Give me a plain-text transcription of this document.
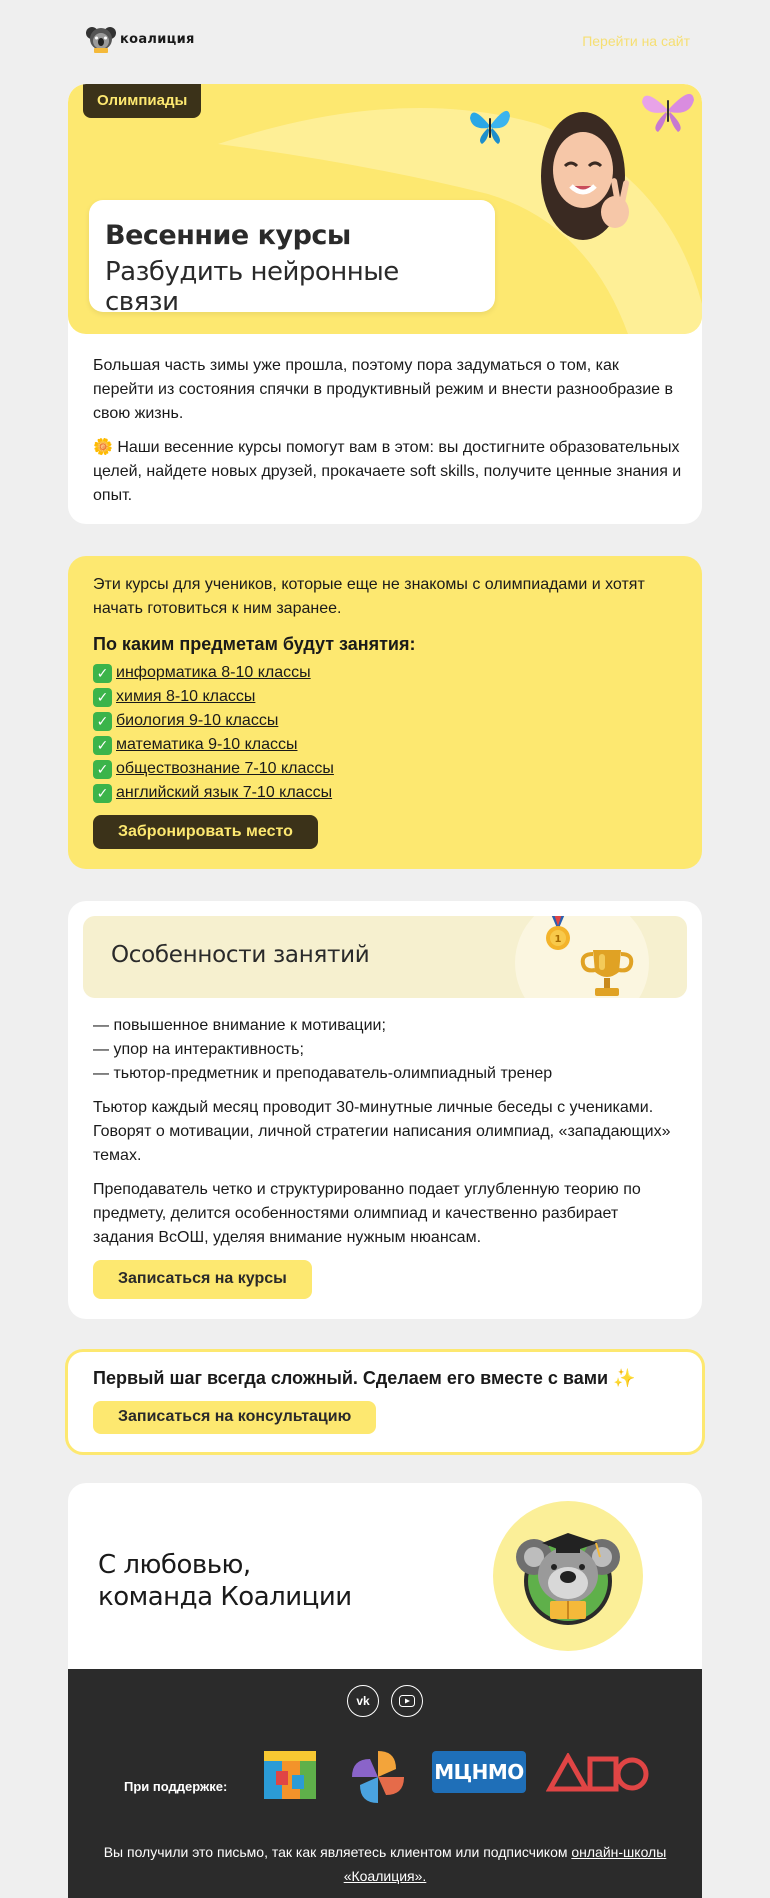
коалиция	Перейти на сайт
Олимпиады
Весенние курсы
Разбудить нейронные связи

Большая часть зимы уже прошла, поэтому пора задуматься о том, как перейти из состояния спячки в продуктивный режим и внести разнообразие в свою жизнь.

🌼 Наши весенние курсы помогут вам в этом: вы достигните образовательных целей, найдете новых друзей, прокачаете soft skills, получите ценные знания и опыт.

Эти курсы для учеников, которые еще не знакомы с олимпиадами и хотят начать готовиться к ним заранее.

По каким предметам будут занятия:
✓ информатика 8-10 классы
✓ химия 8-10 классы
✓ биология 9-10 классы
✓ математика 9-10 классы
✓ обществознание 7-10 классы
✓ английский язык 7-10 классы
Забронировать место
Особенности занятий
1

— повышенное внимание к мотивации;
— упор на интерактивность;
— тьютор-предметник и преподаватель-олимпиадный тренер

Тьютор каждый месяц проводит 30-минутные личные беседы с учениками. Говорят о мотивации, личной стратегии написания олимпиад, «западающих» темах.

Преподаватель четко и структурированно подает углубленную теорию по предмету, делится особенностями олимпиад и качественно разбирает задания ВсОШ, уделяя внимание нужным нюансам.

Записаться на курсы
Первый шаг всегда сложный. Сделаем его вместе с вами ✨
Записаться на консультацию
С любовью,
команда Коалиции
vk
При поддержке:
МЦНМО
Вы получили это письмо, так как являетесь клиентом или подписчиком онлайн-школы «Коалиция».
